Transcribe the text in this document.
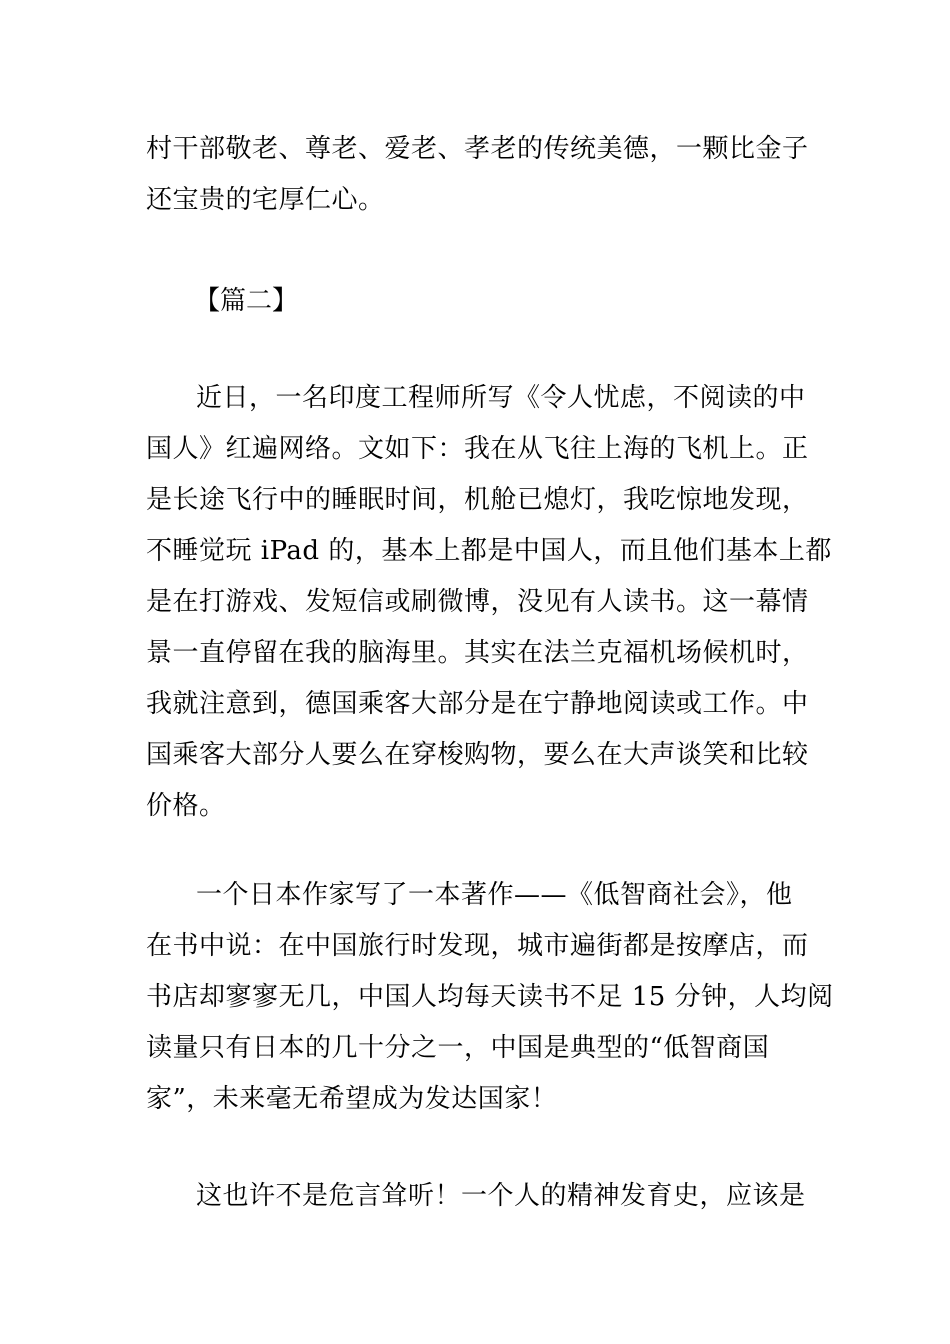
村干部敬老、尊老、爱老、孝老的传统美德，一颗比金子
还宝贵的宅厚仁心。
【篇二】
近日，一名印度工程师所写《令人忧虑，不阅读的中
国人》红遍网络。文如下：我在从飞往上海的飞机上。正
是长途飞行中的睡眠时间，机舱已熄灯，我吃惊地发现，
不睡觉玩 iPad 的，基本上都是中国人，而且他们基本上都
是在打游戏、发短信或刷微博，没见有人读书。这一幕情
景一直停留在我的脑海里。其实在法兰克福机场候机时，
我就注意到，德国乘客大部分是在宁静地阅读或工作。中
国乘客大部分人要么在穿梭购物，要么在大声谈笑和比较
价格。
一个日本作家写了一本著作——《低智商社会》，他
在书中说：在中国旅行时发现，城市遍街都是按摩店，而
书店却寥寥无几，中国人均每天读书不足 15 分钟，人均阅
读量只有日本的几十分之一，中国是典型的“低智商国
家”，未来毫无希望成为发达国家！
这也许不是危言耸听！一个人的精神发育史，应该是
